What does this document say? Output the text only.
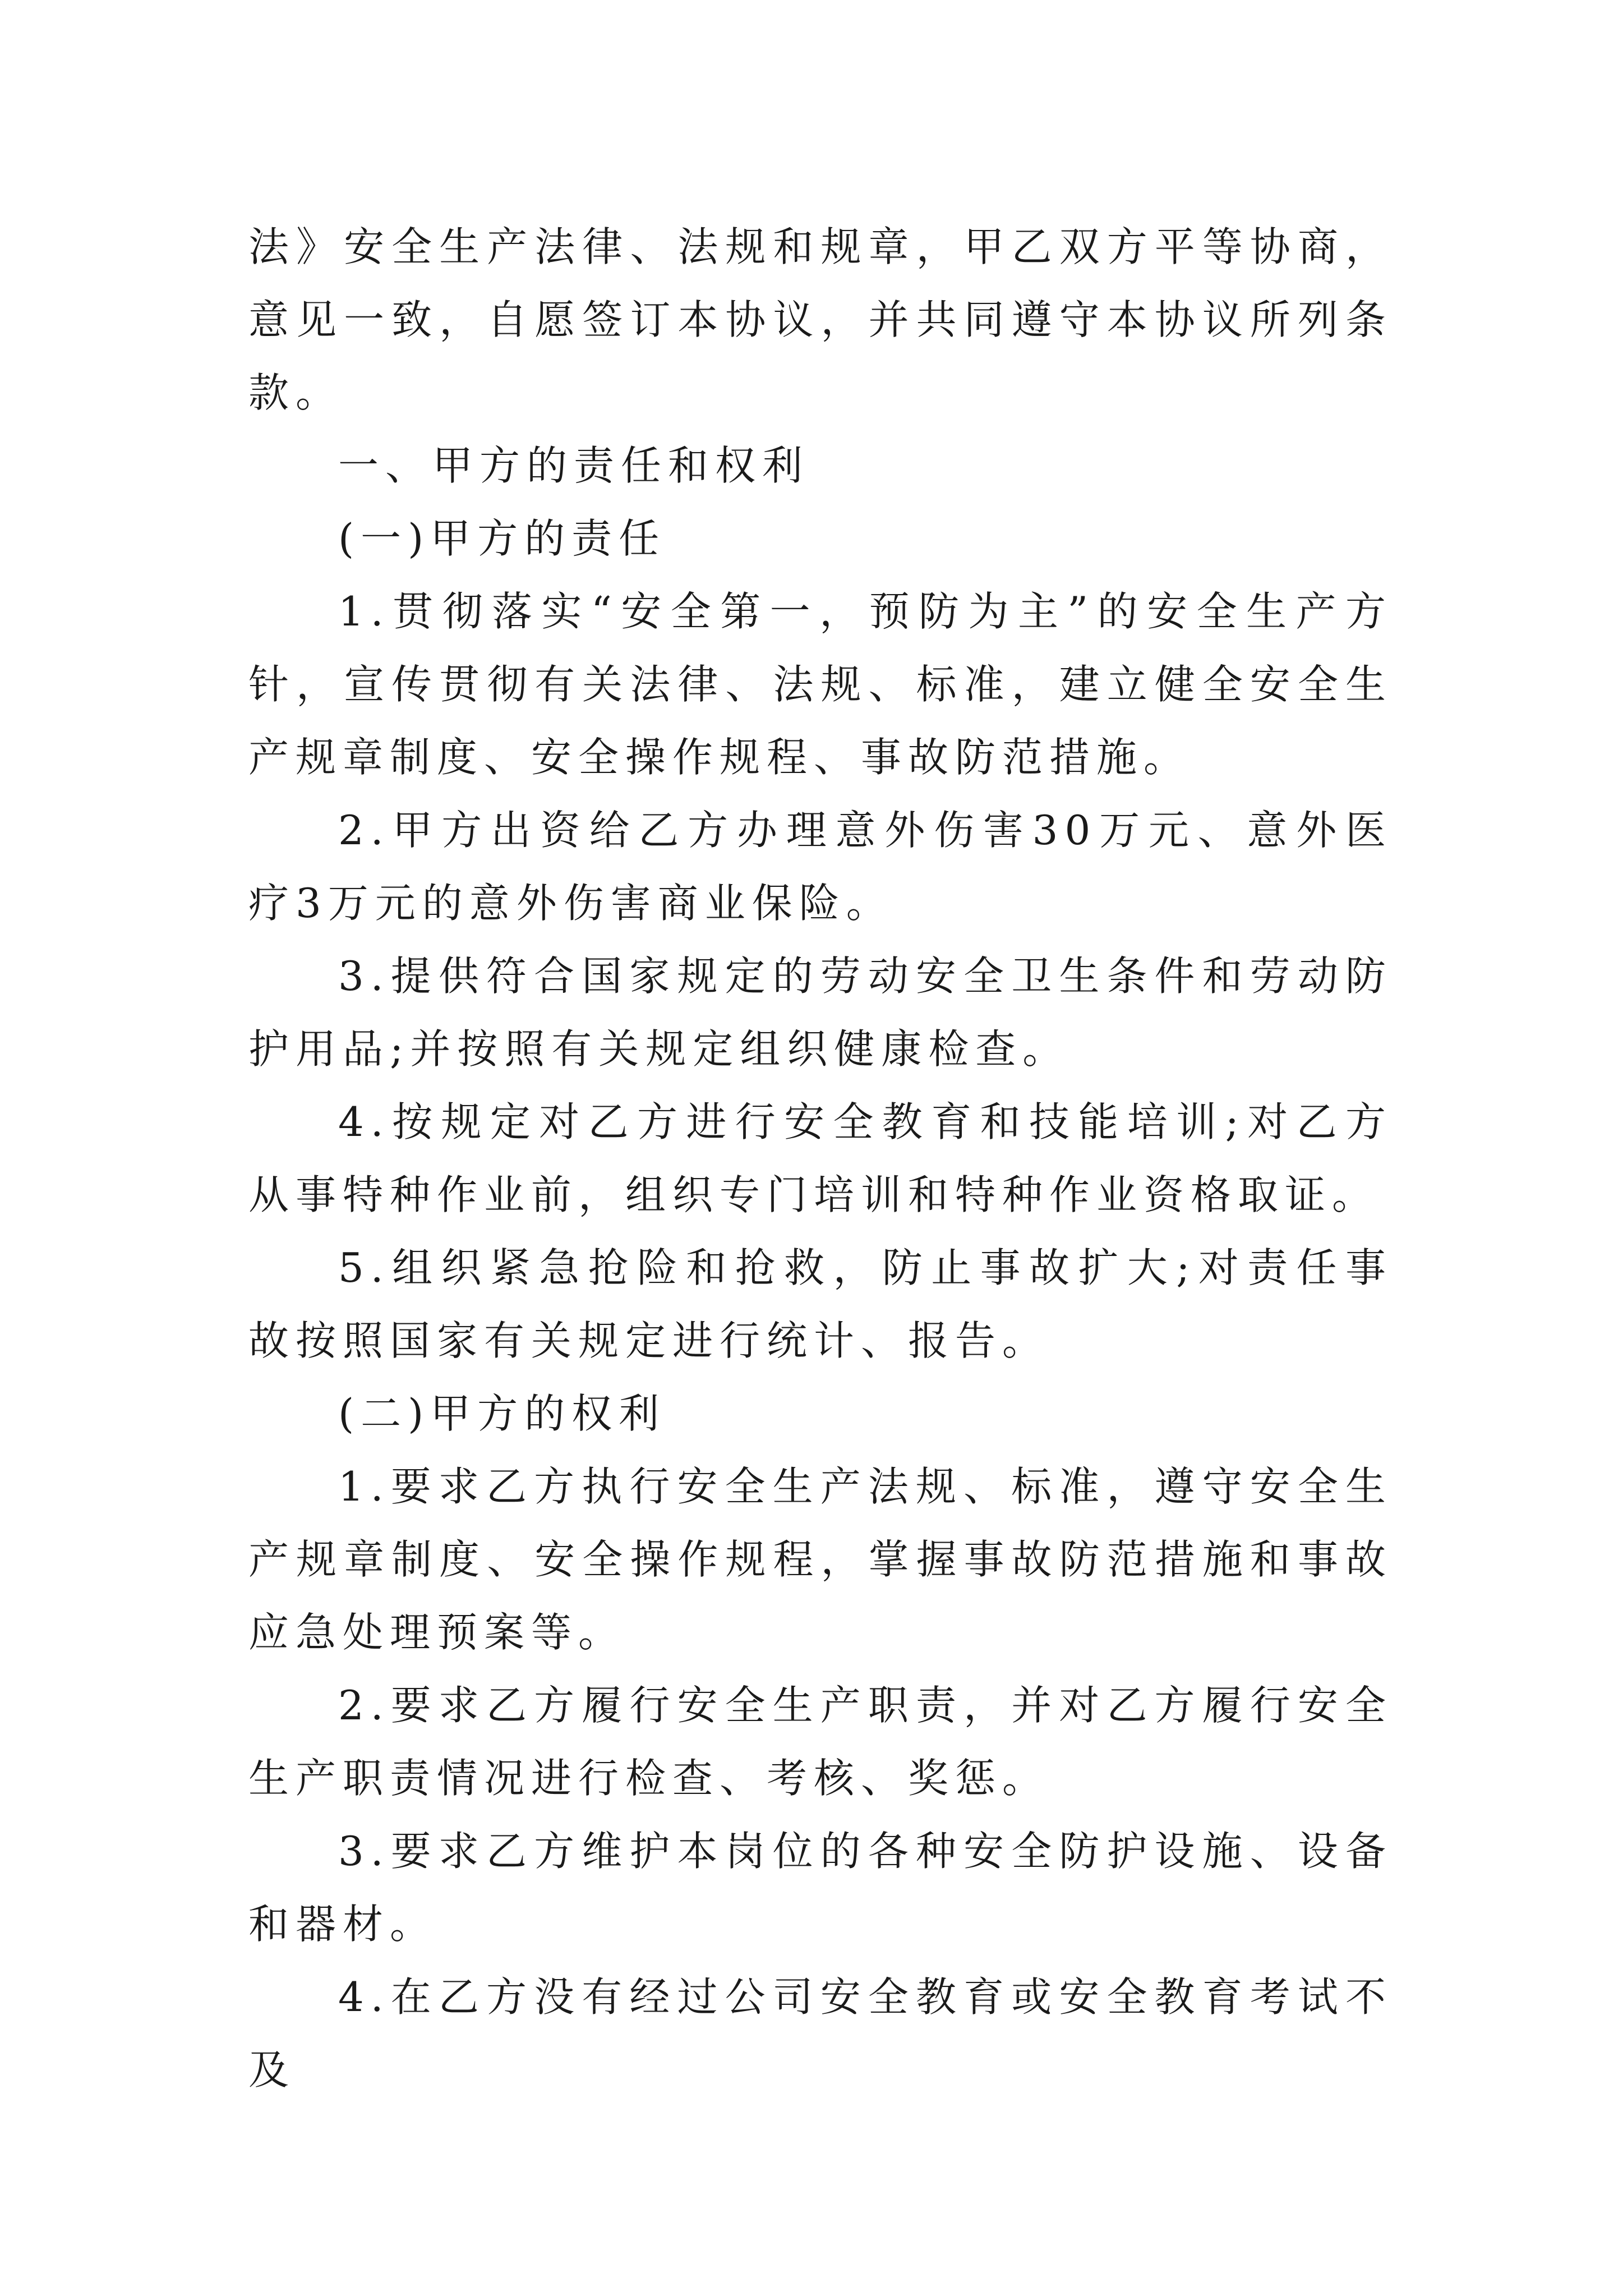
法》安全生产法律、法规和规章，甲乙双方平等协商，意见一致，自愿签订本协议，并共同遵守本协议所列条款。

一、甲方的责任和权利

(一)甲方的责任

1.贯彻落实“安全第一，预防为主”的安全生产方针，宣传贯彻有关法律、法规、标准，建立健全安全生产规章制度、安全操作规程、事故防范措施。

2.甲方出资给乙方办理意外伤害30万元、意外医疗3万元的意外伤害商业保险。

3.提供符合国家规定的劳动安全卫生条件和劳动防护用品;并按照有关规定组织健康检查。

4.按规定对乙方进行安全教育和技能培训;对乙方从事特种作业前，组织专门培训和特种作业资格取证。

5.组织紧急抢险和抢救，防止事故扩大;对责任事故按照国家有关规定进行统计、报告。

(二)甲方的权利

1.要求乙方执行安全生产法规、标准，遵守安全生产规章制度、安全操作规程，掌握事故防范措施和事故应急处理预案等。

2.要求乙方履行安全生产职责，并对乙方履行安全生产职责情况进行检查、考核、奖惩。

3.要求乙方维护本岗位的各种安全防护设施、设备和器材。

4.在乙方没有经过公司安全教育或安全教育考试不及
